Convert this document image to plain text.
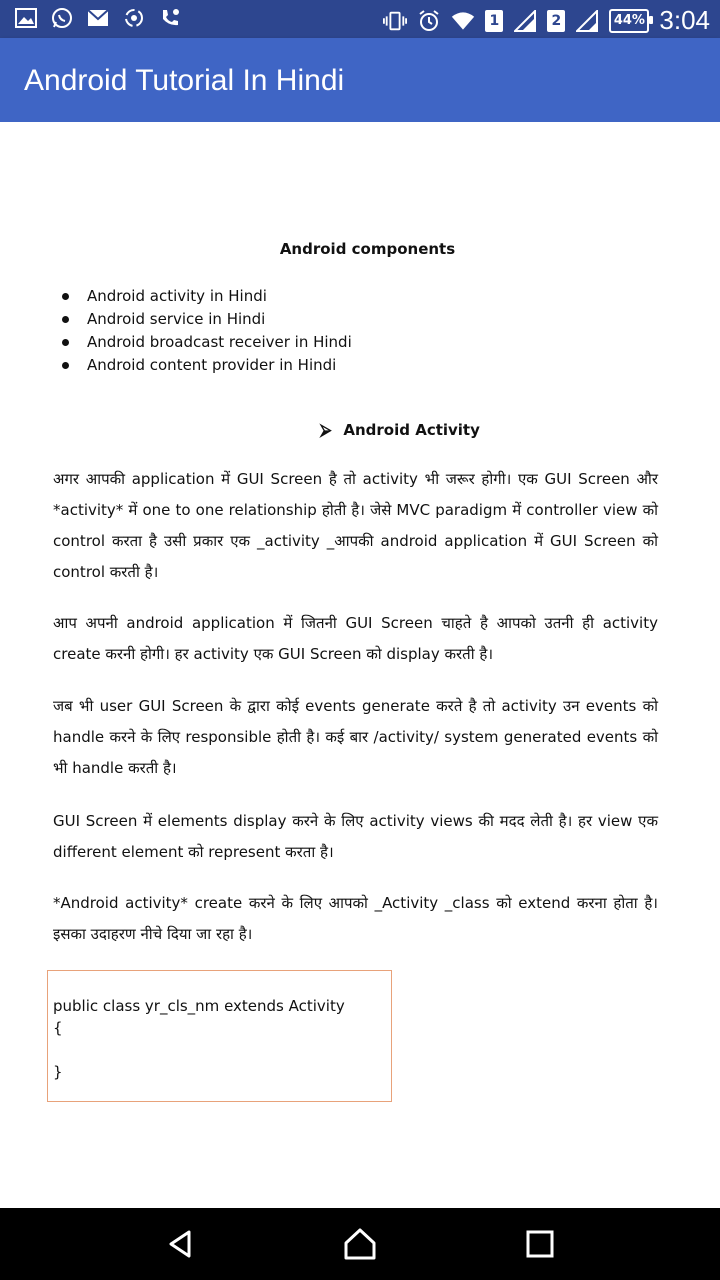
1	2	44% 3:04
Android Tutorial In Hindi
Android components
Android activity in Hindi
Android service in Hindi
Android broadcast receiver in Hindi
Android content provider in Hindi
⮚ Android Activity

अगर आपकी application में GUI Screen है तो activity भी जरूर होगी। एक GUI Screen और *activity* में one to one relationship होती है। जेसे MVC paradigm में controller view को control करता है उसी प्रकार एक _activity _आपकी android application में GUI Screen को control करती है।

आप अपनी android application में जितनी GUI Screen चाहते है आपको उतनी ही activity create करनी होगी। हर activity एक GUI Screen को display करती है।

जब भी user GUI Screen के द्वारा कोई events generate करते है तो activity उन events को handle करने के लिए responsible होती है। कई बार /activity/ system generated events को भी handle करती है।

GUI Screen में elements display करने के लिए activity views की मदद लेती है। हर view एक different element को represent करता है।

*Android activity* create करने के लिए आपको _Activity _class को extend करना होता है। इसका उदाहरण नीचे दिया जा रहा है।

public class yr_cls_nm extends Activity
{
}
